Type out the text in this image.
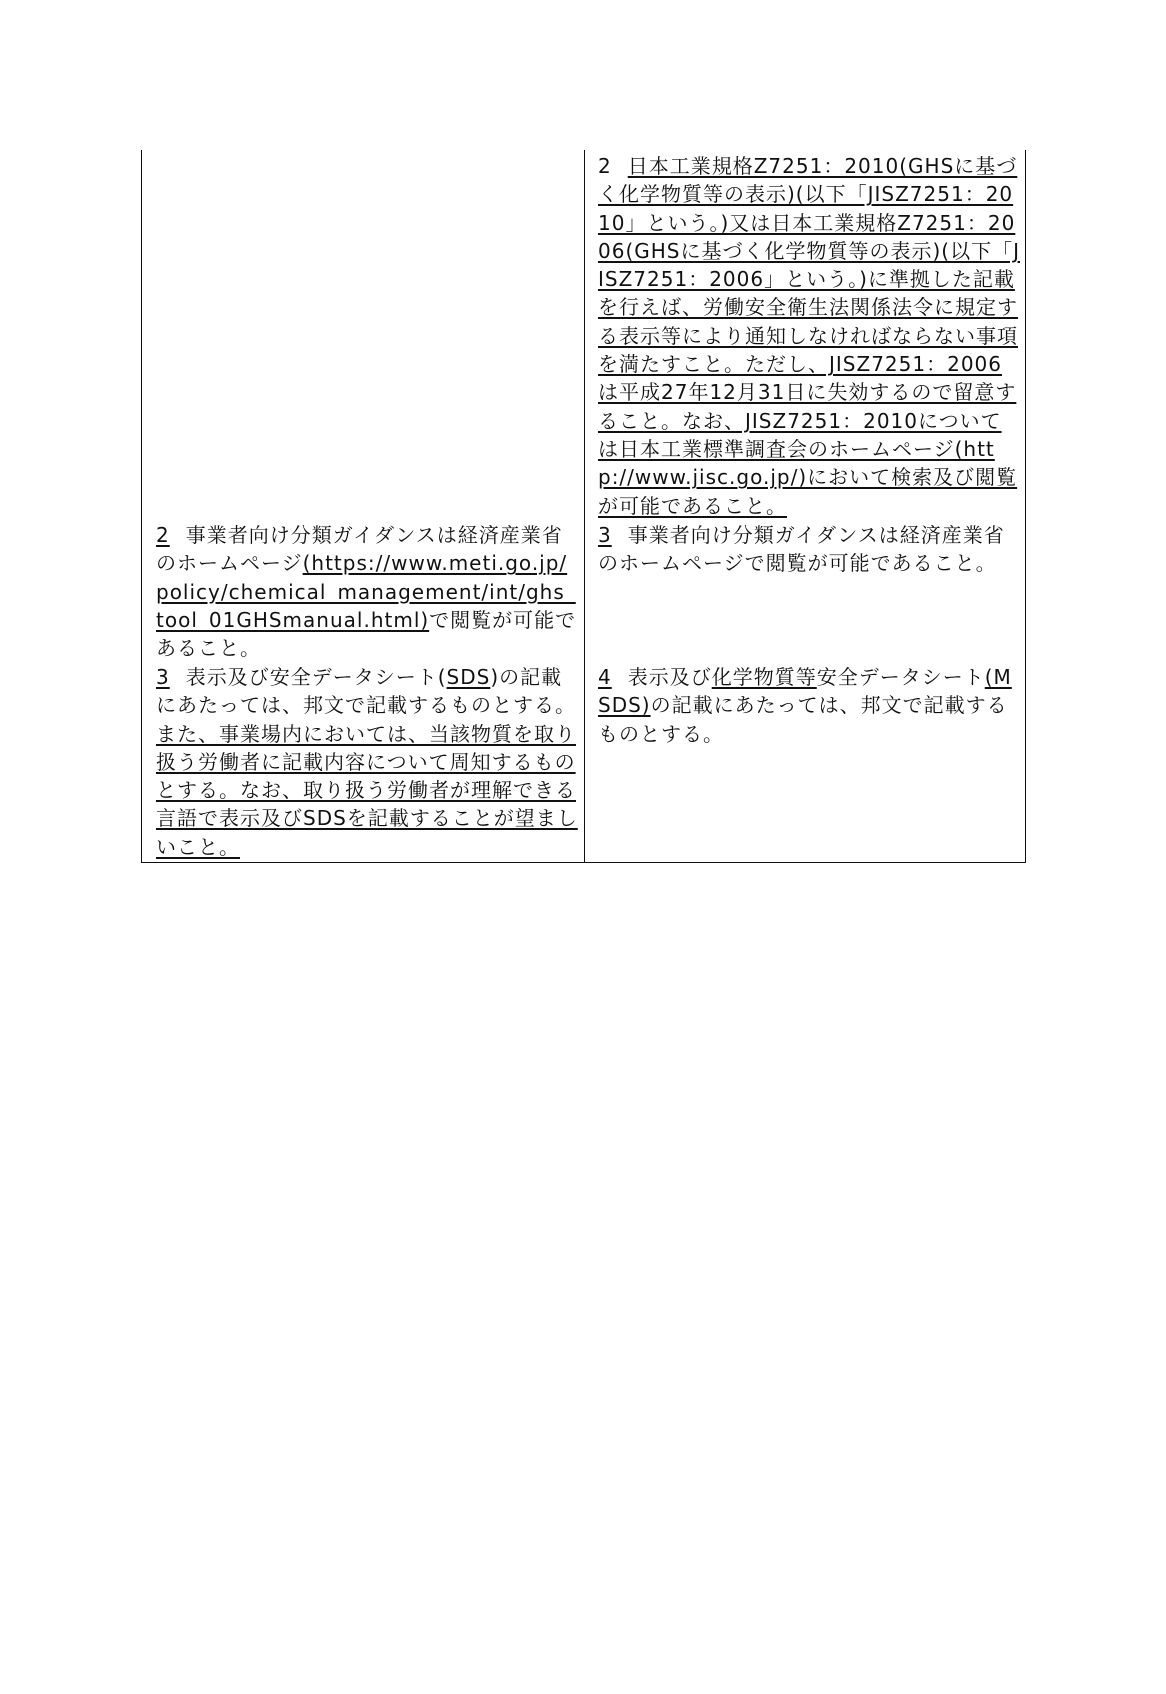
2 日本工業規格Z7251：2010(GHSに基づく化学物質等の表示)(以下「JISZ7251：2010」という。)又は日本工業規格Z7251：2006(GHSに基づく化学物質等の表示)(以下「JISZ7251：2006」という。)に準拠した記載を行えば、労働安全衛生法関係法令に規定する表示等により通知しなければならない事項を満たすこと。ただし、JISZ7251：2006は平成27年12月31日に失効するので留意すること。なお、JISZ7251：2010については日本工業標準調査会のホームページ(http://www.jisc.go.jp/)において検索及び閲覧が可能であること。
3 事業者向け分類ガイダンスは経済産業省のホームページで閲覧が可能であること。
4 表示及び化学物質等安全データシート(MSDS)の記載にあたっては、邦文で記載するものとする。
2 事業者向け分類ガイダンスは経済産業省のホームページ(https://www.meti.go.jp/policy/chemical_management/int/ghs_tool_01GHSmanual.html)で閲覧が可能であること。
3 表示及び安全データシート(SDS)の記載にあたっては、邦文で記載するものとする。また、事業場内においては、当該物質を取り扱う労働者に記載内容について周知するものとする。なお、取り扱う労働者が理解できる言語で表示及びSDSを記載することが望ましいこと。
